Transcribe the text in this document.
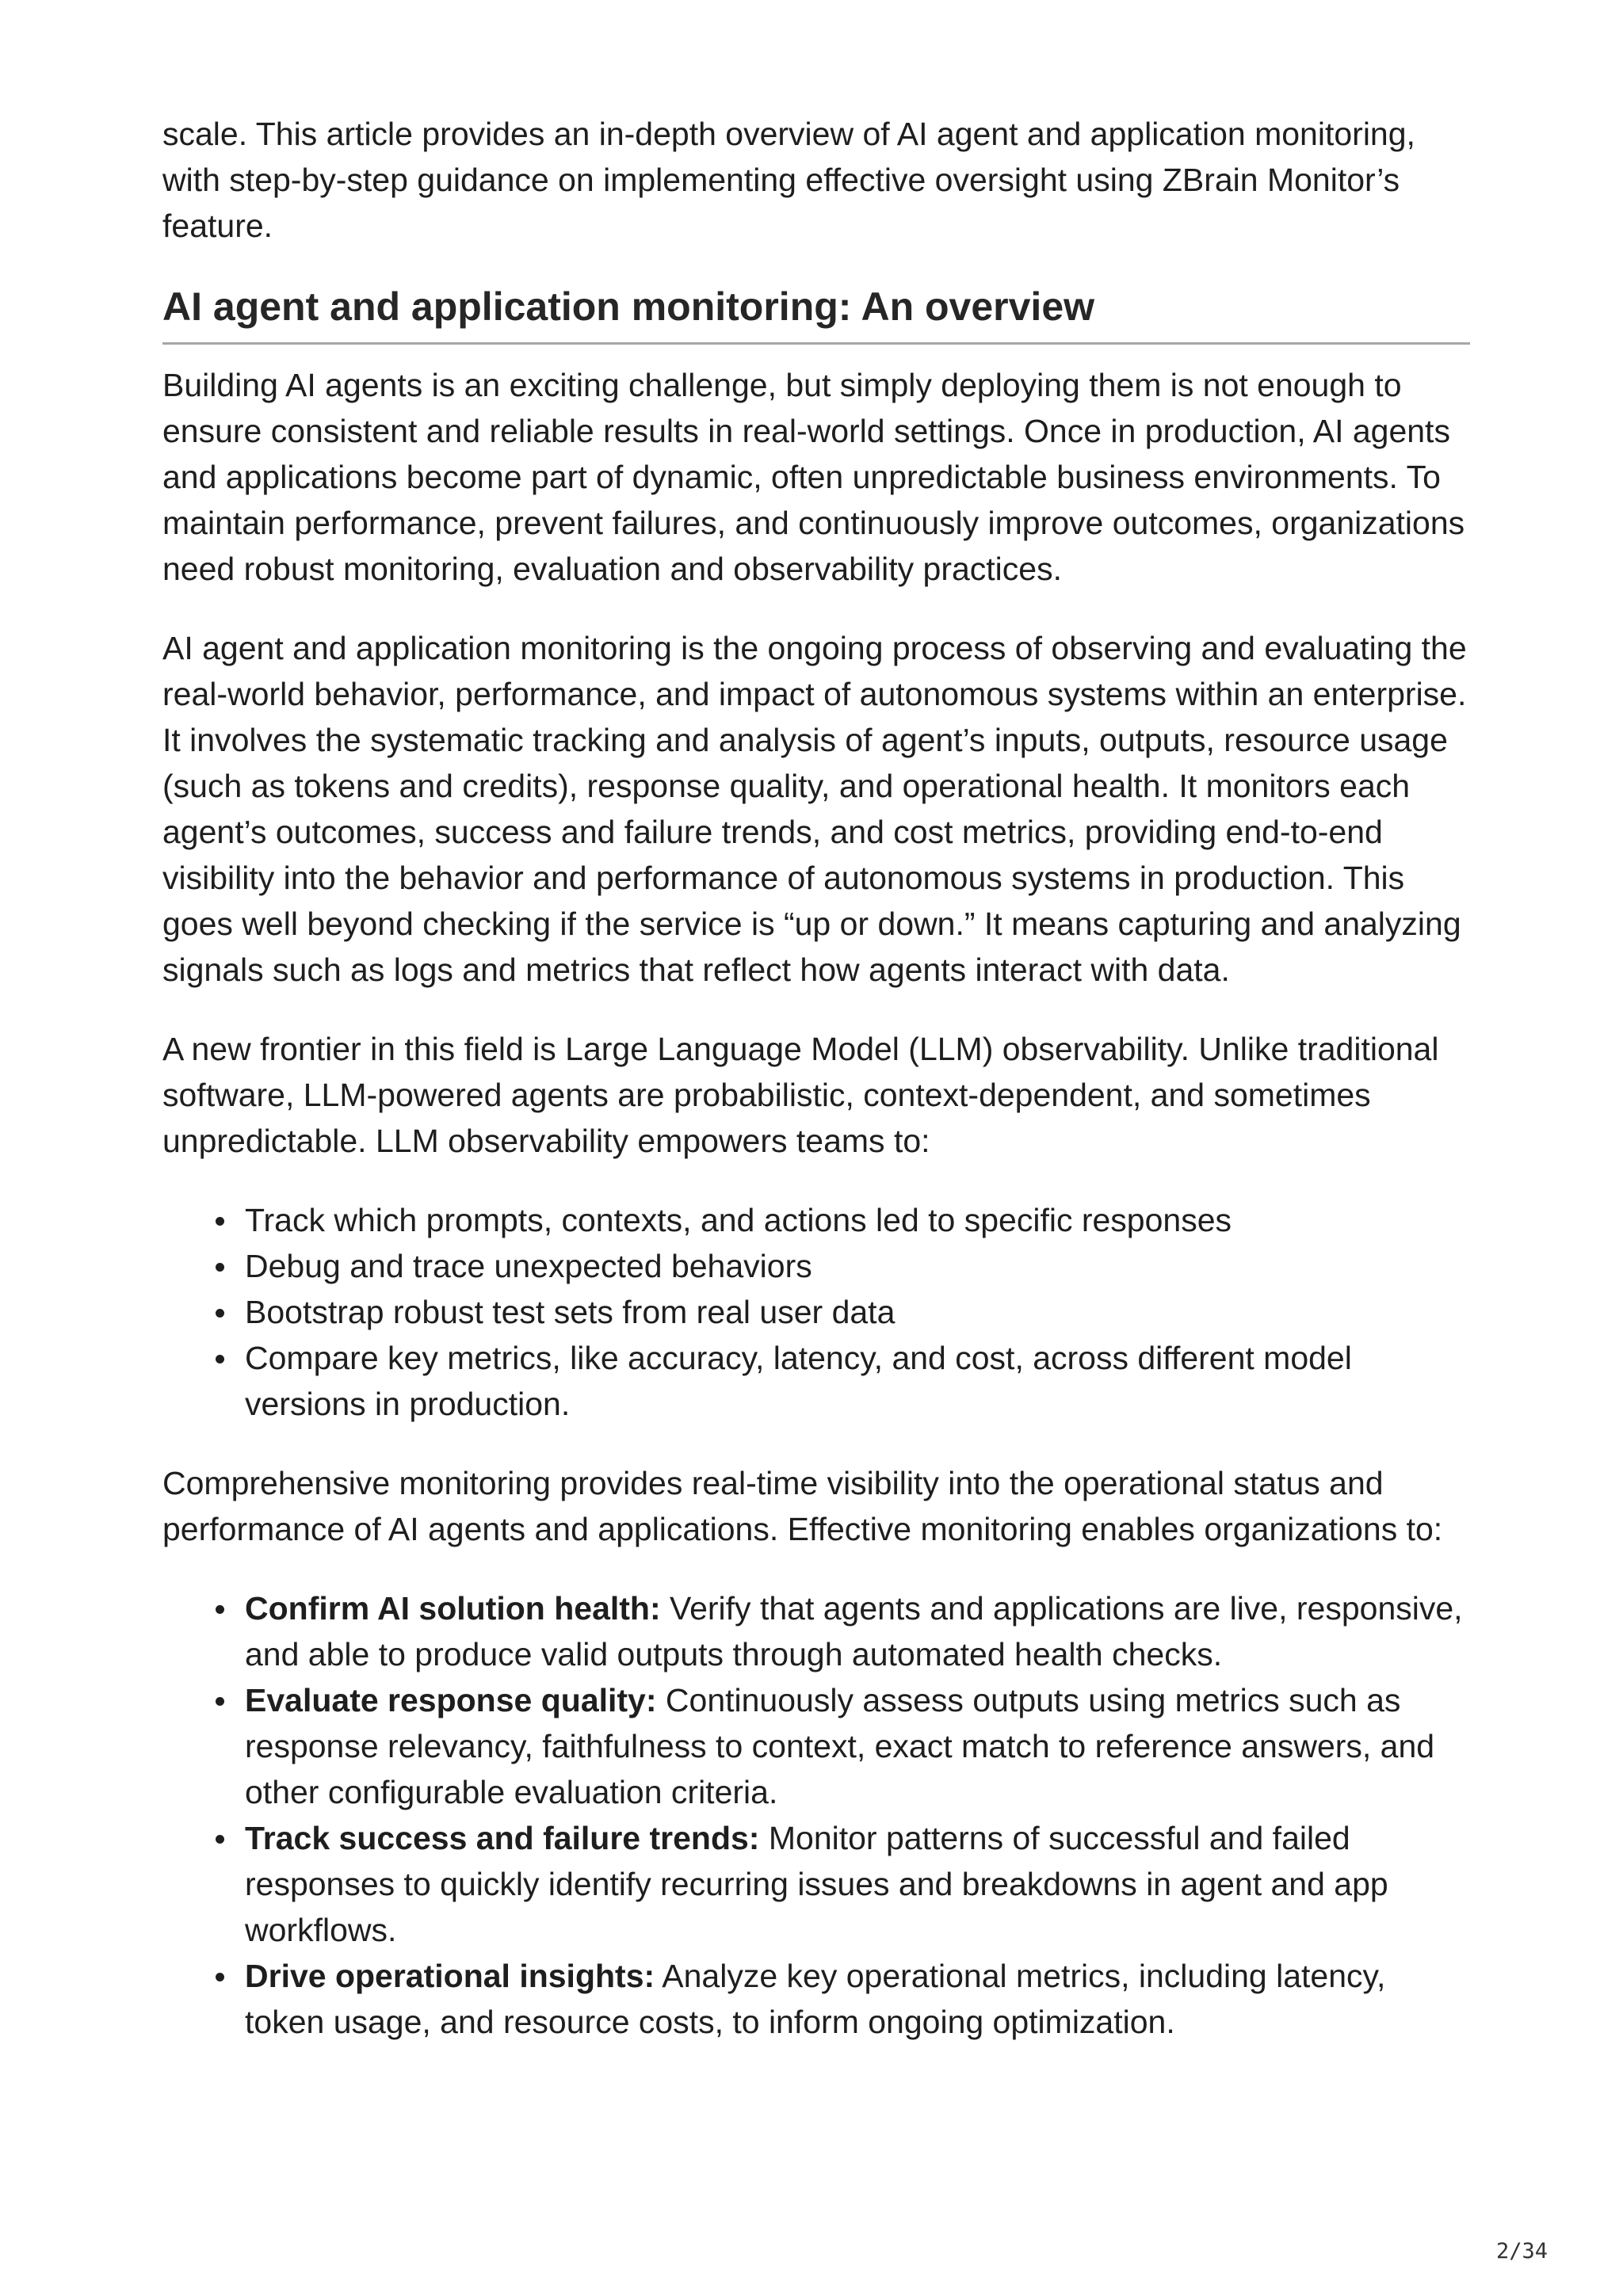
scale. This article provides an in-depth overview of AI agent and application monitoring, with step-by-step guidance on implementing effective oversight using ZBrain Monitor’s feature.

AI agent and application monitoring: An overview

Building AI agents is an exciting challenge, but simply deploying them is not enough to ensure consistent and reliable results in real-world settings. Once in production, AI agents and applications become part of dynamic, often unpredictable business environments. To maintain performance, prevent failures, and continuously improve outcomes, organizations need robust monitoring, evaluation and observability practices.

AI agent and application monitoring is the ongoing process of observing and evaluating the real-world behavior, performance, and impact of autonomous systems within an enterprise. It involves the systematic tracking and analysis of agent’s inputs, outputs, resource usage (such as tokens and credits), response quality, and operational health. It monitors each agent’s outcomes, success and failure trends, and cost metrics, providing end-to-end visibility into the behavior and performance of autonomous systems in production. This goes well beyond checking if the service is “up or down.” It means capturing and analyzing signals such as logs and metrics that reflect how agents interact with data.

A new frontier in this field is Large Language Model (LLM) observability. Unlike traditional software, LLM-powered agents are probabilistic, context-dependent, and sometimes unpredictable. LLM observability empowers teams to:

Track which prompts, contexts, and actions led to specific responses
Debug and trace unexpected behaviors
Bootstrap robust test sets from real user data
Compare key metrics, like accuracy, latency, and cost, across different model versions in production.

Comprehensive monitoring provides real-time visibility into the operational status and performance of AI agents and applications. Effective monitoring enables organizations to:

Confirm AI solution health: Verify that agents and applications are live, responsive, and able to produce valid outputs through automated health checks.
Evaluate response quality: Continuously assess outputs using metrics such as response relevancy, faithfulness to context, exact match to reference answers, and other configurable evaluation criteria.
Track success and failure trends: Monitor patterns of successful and failed responses to quickly identify recurring issues and breakdowns in agent and app workflows.
Drive operational insights: Analyze key operational metrics, including latency, token usage, and resource costs, to inform ongoing optimization.
2/34
